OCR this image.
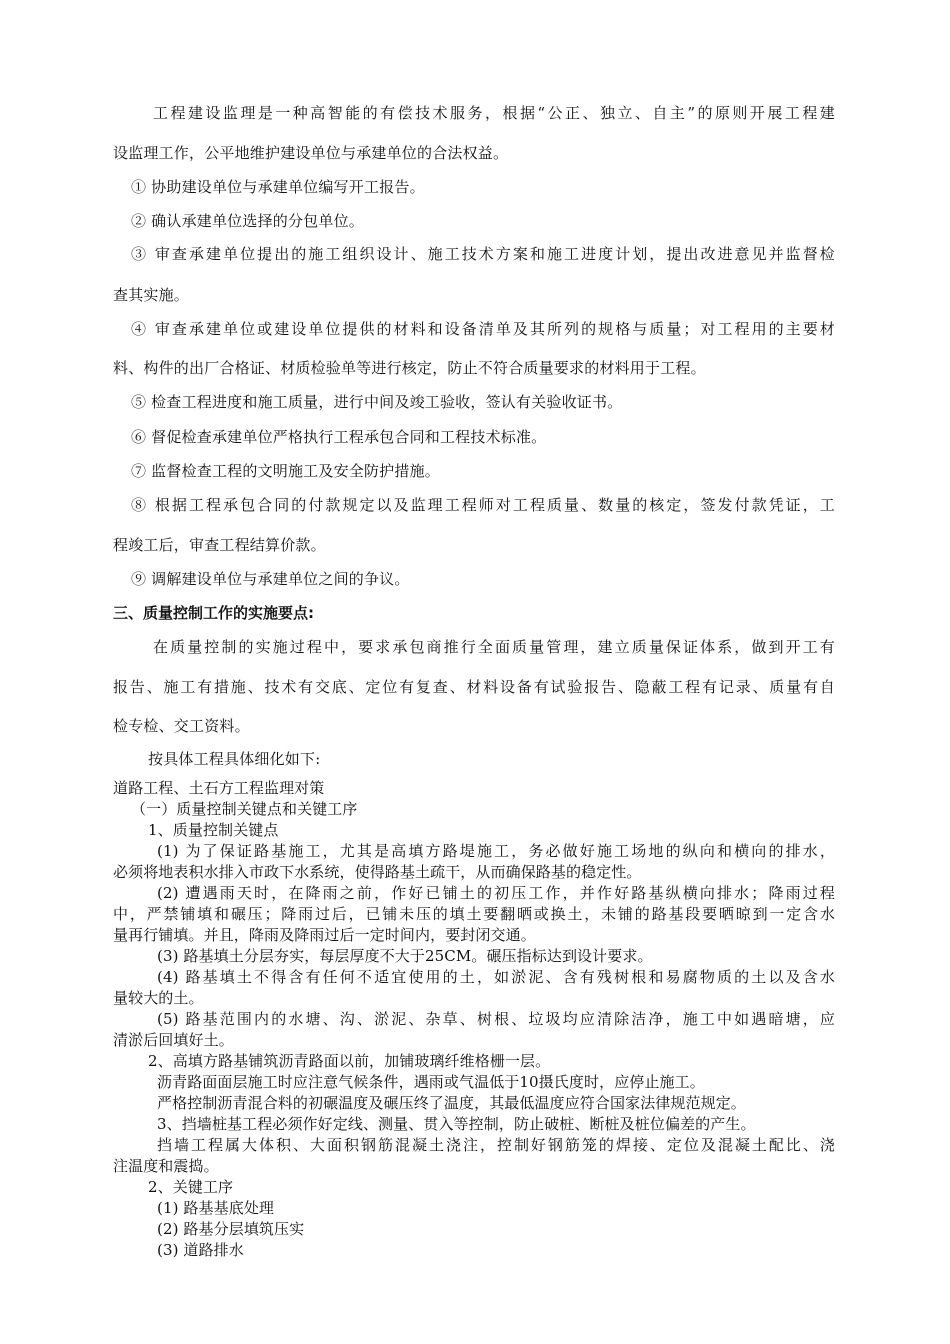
工程建设监理是一种高智能的有偿技术服务，根据“公正、独立、自主”的原则开展工程建

设监理工作，公平地维护建设单位与承建单位的合法权益。

① 协助建设单位与承建单位编写开工报告。

② 确认承建单位选择的分包单位。

③ 审查承建单位提出的施工组织设计、施工技术方案和施工进度计划，提出改进意见并监督检

查其实施。

④ 审查承建单位或建设单位提供的材料和设备清单及其所列的规格与质量；对工程用的主要材

料、构件的出厂合格证、材质检验单等进行核定，防止不符合质量要求的材料用于工程。

⑤ 检查工程进度和施工质量，进行中间及竣工验收，签认有关验收证书。

⑥ 督促检查承建单位严格执行工程承包合同和工程技术标准。

⑦ 监督检查工程的文明施工及安全防护措施。

⑧ 根据工程承包合同的付款规定以及监理工程师对工程质量、数量的核定，签发付款凭证，工

程竣工后，审查工程结算价款。

⑨ 调解建设单位与承建单位之间的争议。

三、质量控制工作的实施要点:

在质量控制的实施过程中，要求承包商推行全面质量管理，建立质量保证体系，做到开工有

报告、施工有措施、技术有交底、定位有复查、材料设备有试验报告、隐蔽工程有记录、质量有自

检专检、交工资料。

按具体工程具体细化如下:

道路工程、土石方工程监理对策

（一）质量控制关键点和关键工序

1、质量控制关键点

(1) 为了保证路基施工，尤其是高填方路堤施工，务必做好施工场地的纵向和横向的排水，

必须将地表积水排入市政下水系统，使得路基土疏干，从而确保路基的稳定性。

(2) 遭遇雨天时，在降雨之前，作好已铺土的初压工作，并作好路基纵横向排水；降雨过程

中，严禁铺填和碾压；降雨过后，已铺未压的填土要翻晒或换土，未铺的路基段要晒晾到一定含水

量再行铺填。并且，降雨及降雨过后一定时间内，要封闭交通。

(3) 路基填土分层夯实，每层厚度不大于25CM。碾压指标达到设计要求。

(4) 路基填土不得含有任何不适宜使用的土，如淤泥、含有残树根和易腐物质的土以及含水

量较大的土。

(5) 路基范围内的水塘、沟、淤泥、杂草、树根、垃圾均应清除洁净，施工中如遇暗塘，应

清淤后回填好土。

2、高填方路基铺筑沥青路面以前，加铺玻璃纤维格栅一层。

沥青路面面层施工时应注意气候条件，遇雨或气温低于10摄氏度时，应停止施工。

严格控制沥青混合料的初碾温度及碾压终了温度，其最低温度应符合国家法律规范规定。

3、挡墙桩基工程必须作好定线、测量、贯入等控制，防止破桩、断桩及桩位偏差的产生。

挡墙工程属大体积、大面积钢筋混凝土浇注，控制好钢筋笼的焊接、定位及混凝土配比、浇

注温度和震捣。

2、关键工序

(1) 路基基底处理

(2) 路基分层填筑压实

(3) 道路排水
